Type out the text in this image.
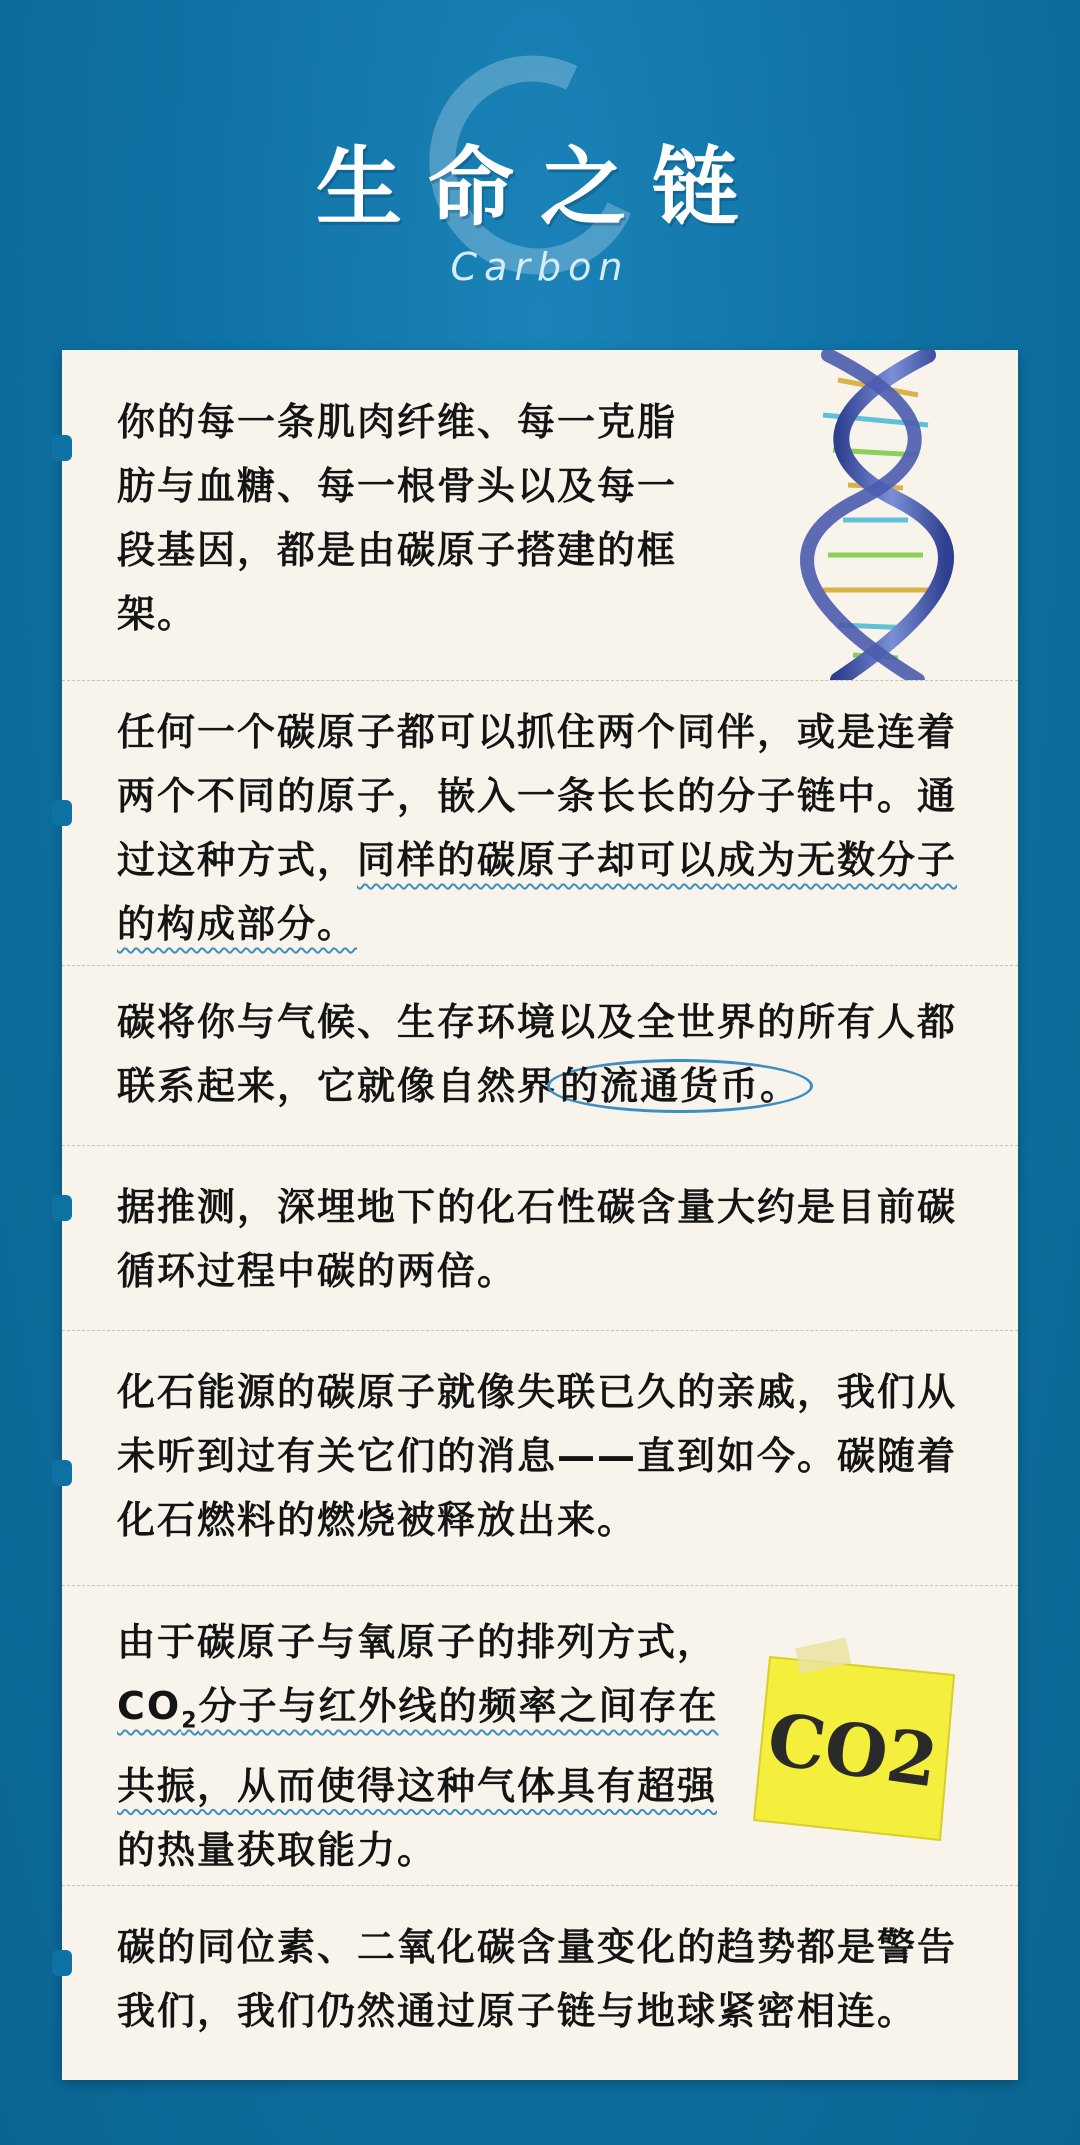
生命之链
Carbon

你的每一条肌肉纤维、每一克脂肪与血糖、每一根骨头以及每一段基因，都是由碳原子搭建的框架。

任何一个碳原子都可以抓住两个同伴，或是连着两个不同的原子，嵌入一条长长的分子链中。通过这种方式，同样的碳原子却可以成为无数分子的构成部分。

碳将你与气候、生存环境以及全世界的所有人都联系起来，它就像自然界的流通货币。

据推测，深埋地下的化石性碳含量大约是目前碳循环过程中碳的两倍。

化石能源的碳原子就像失联已久的亲戚，我们从未听到过有关它们的消息——直到如今。碳随着化石燃料的燃烧被释放出来。

由于碳原子与氧原子的排列方式，
$CO_2$分子与红外线的频率之间存在
共振，从而使得这种气体具有超强
的热量获取能力。

碳的同位素、二氧化碳含量变化的趋势都是警告我们，我们仍然通过原子链与地球紧密相连。

CO2
